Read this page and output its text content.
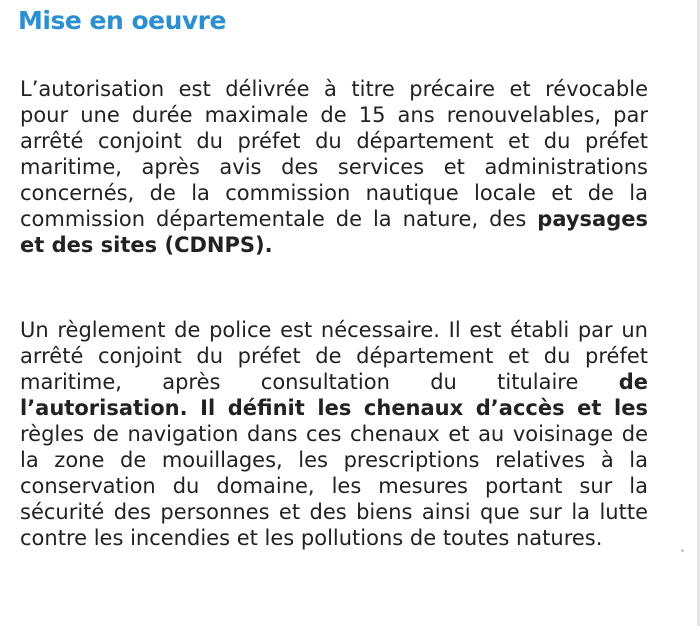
Mise en oeuvre

L’autorisation est délivrée à titre précaire et révocable pour une durée maximale de 15 ans renouvelables, par arrêté conjoint du préfet du département et du préfet maritime, après avis des services et administrations concernés, de la commission nautique locale et de la commission départementale de la nature, des paysages et des sites (CDNPS).

Un règlement de police est nécessaire. Il est établi par un arrêté conjoint du préfet de département et du préfet maritime, après consultation du titulaire de l’autorisation. Il définit les chenaux d’accès et les règles de navigation dans ces chenaux et au voisinage de la zone de mouillages, les prescriptions relatives à la conservation du domaine, les mesures portant sur la sécurité des personnes et des biens ainsi que sur la lutte contre les incendies et les pollutions de toutes natures.
